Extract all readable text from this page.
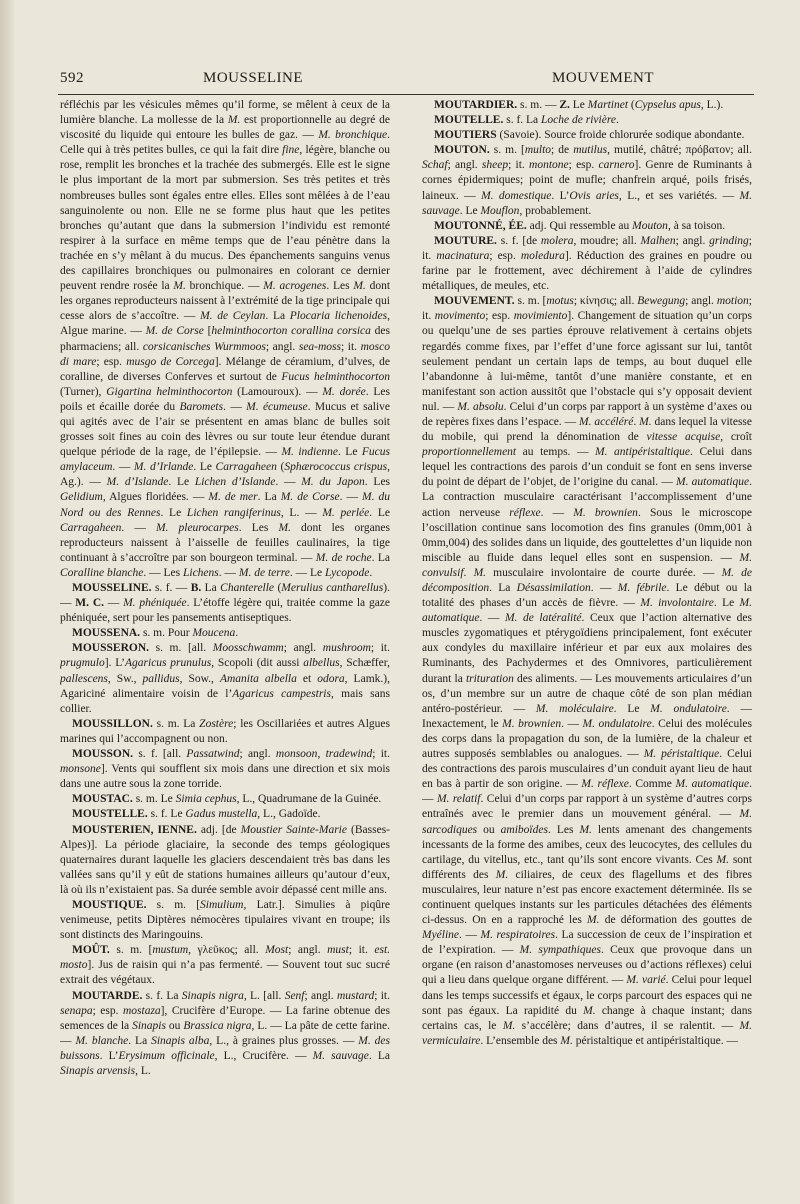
592	MOUSSELINE	MOUVEMENT

réfléchis par les vésicules mêmes qu’il forme, se mêlent à ceux de la lumière blanche. La mollesse de la M. est proportionnelle au degré de viscosité du liquide qui entoure les bulles de gaz. — M. bronchique. Celle qui à très petites bulles, ce qui la fait dire fine, légère, blanche ou rose, remplit les bronches et la trachée des submergés. Elle est le signe le plus important de la mort par submersion. Ses très petites et très nombreuses bulles sont égales entre elles. Elles sont mêlées à de l’eau sanguinolente ou non. Elle ne se forme plus haut que les petites bronches qu’autant que dans la submersion l’individu est remonté respirer à la surface en même temps que de l’eau pénètre dans la trachée en s’y mêlant à du mucus. Des épanchements sanguins venus des capillaires bronchiques ou pulmonaires en colorant ce dernier peuvent rendre rosée la M. bronchique. — M. acrogenes. Les M. dont les organes reproducteurs naissent à l’extrémité de la tige principale qui cesse alors de s’accoître. — M. de Ceylan. La Plocaria lichenoides, Algue marine. — M. de Corse [helminthocorton corallina corsica des pharmaciens; all. corsicanisches Wurmmoos; angl. sea-moss; it. mosco di mare; esp. musgo de Corcega]. Mélange de céramium, d’ulves, de coralline, de diverses Conferves et surtout de Fucus helminthocorton (Turner), Gigartina helminthocorton (Lamouroux). — M. dorée. Les poils et écaille dorée du Baromets. — M. écumeuse. Mucus et salive qui agités avec de l’air se présentent en amas blanc de bulles soit grosses soit fines au coin des lèvres ou sur toute leur étendue durant quelque période de la rage, de l’épilepsie. — M. indienne. Le Fucus amylaceum. — M. d’Irlande. Le Carragaheen (Sphærococcus crispus, Ag.). — M. d’Islande. Le Lichen d’Islande. — M. du Japon. Les Gelidium, Algues floridées. — M. de mer. La M. de Corse. — M. du Nord ou des Rennes. Le Lichen rangiferinus, L. — M. perlée. Le Carragaheen. — M. pleurocarpes. Les M. dont les organes reproducteurs naissent à l’aisselle de feuilles caulinaires, la tige continuant à s’accroître par son bourgeon terminal. — M. de roche. La Coralline blanche. — Les Lichens. — M. de terre. — Le Lycopode.

MOUSSELINE. s. f. — B. La Chanterelle (Merulius cantharellus). — M. C. — M. phéniquée. L’étoffe légère qui, traitée comme la gaze phéniquée, sert pour les pansements antiseptiques.

MOUSSENA. s. m. Pour Moucena.

MOUSSERON. s. m. [all. Moosschwamm; angl. mushroom; it. prugmulo]. L’Agaricus prunulus, Scopoli (dit aussi albellus, Schæffer, pallescens, Sw., pallidus, Sow., Amanita albella et odora, Lamk.), Agariciné alimentaire voisin de l’Agaricus campestris, mais sans collier.

MOUSSILLON. s. m. La Zostère; les Oscillariées et autres Algues marines qui l’accompagnent ou non.

MOUSSON. s. f. [all. Passatwind; angl. monsoon, tradewind; it. monsone]. Vents qui soufflent six mois dans une direction et six mois dans une autre sous la zone torride.

MOUSTAC. s. m. Le Simia cephus, L., Quadrumane de la Guinée.

MOUSTELLE. s. f. Le Gadus mustella, L., Gadoïde.

MOUSTERIEN, IENNE. adj. [de Moustier Sainte-Marie (Basses-Alpes)]. La période glaciaire, la seconde des temps géologiques quaternaires durant laquelle les glaciers descendaient très bas dans les vallées sans qu’il y eût de stations humaines ailleurs qu’autour d’eux, là où ils n’existaient pas. Sa durée semble avoir dépassé cent mille ans.

MOUSTIQUE. s. m. [Simulium, Latr.]. Simulies à piqûre venimeuse, petits Diptères némocères tipulaires vivant en troupe; ils sont distincts des Maringouins.

MOÛT. s. m. [mustum, γλεῦκος; all. Most; angl. must; it. est. mosto]. Jus de raisin qui n’a pas fermenté. — Souvent tout suc sucré extrait des végétaux.

MOUTARDE. s. f. La Sinapis nigra, L. [all. Senf; angl. mustard; it. senapa; esp. mostaza], Crucifère d’Europe. — La farine obtenue des semences de la Sinapis ou Brassica nigra, L. — La pâte de cette farine. — M. blanche. La Sinapis alba, L., à graines plus grosses. — M. des buissons. L’Erysimum officinale, L., Crucifère. — M. sauvage. La Sinapis arvensis, L.

MOUTARDIER. s. m. — Z. Le Martinet (Cypselus apus, L.).

MOUTELLE. s. f. La Loche de rivière.

MOUTIERS (Savoie). Source froide chlorurée sodique abondante.

MOUTON. s. m. [multo; de mutilus, mutilé, châtré; πρόβατον; all. Schaf; angl. sheep; it. montone; esp. carnero]. Genre de Ruminants à cornes épidermiques; point de mufle; chanfrein arqué, poils frisés, laineux. — M. domestique. L’Ovis aries, L., et ses variétés. — M. sauvage. Le Mouflon, probablement.

MOUTONNÉ, ÉE. adj. Qui ressemble au Mouton, à sa toison.

MOUTURE. s. f. [de molera, moudre; all. Malhen; angl. grinding; it. macinatura; esp. moledura]. Réduction des graines en poudre ou farine par le frottement, avec déchirement à l’aide de cylindres métalliques, de meules, etc.

MOUVEMENT. s. m. [motus; κίνησις; all. Bewegung; angl. motion; it. movimento; esp. movimiento]. Changement de situation qu’un corps ou quelqu’une de ses parties éprouve relativement à certains objets regardés comme fixes, par l’effet d’une force agissant sur lui, tantôt seulement pendant un certain laps de temps, au bout duquel elle l’abandonne à lui-même, tantôt d’une manière constante, et en manifestant son action aussitôt que l’obstacle qui s’y opposait devient nul. — M. absolu. Celui d’un corps par rapport à un système d’axes ou de repères fixes dans l’espace. — M. accéléré. M. dans lequel la vitesse du mobile, qui prend la dénomination de vitesse acquise, croît proportionnellement au temps. — M. antipéristaltique. Celui dans lequel les contractions des parois d’un conduit se font en sens inverse du point de départ de l’objet, de l’origine du canal. — M. automatique. La contraction musculaire caractérisant l’accomplissement d’une action nerveuse réflexe. — M. brownien. Sous le microscope l’oscillation continue sans locomotion des fins granules (0mm,001 à 0mm,004) des solides dans un liquide, des gouttelettes d’un liquide non miscible au fluide dans lequel elles sont en suspension. — M. convulsif. M. musculaire involontaire de courte durée. — M. de décomposition. La Désassimilation. — M. fébrile. Le début ou la totalité des phases d’un accès de fièvre. — M. involontaire. Le M. automatique. — M. de latéralité. Ceux que l’action alternative des muscles zygomatiques et ptérygoïdiens principalement, font exécuter aux condyles du maxillaire inférieur et par eux aux molaires des Ruminants, des Pachydermes et des Omnivores, particulièrement durant la trituration des aliments. — Les mouvements articulaires d’un os, d’un membre sur un autre de chaque côté de son plan médian antéro-postérieur. — M. moléculaire. Le M. ondulatoire. — Inexactement, le M. brownien. — M. ondulatoire. Celui des molécules des corps dans la propagation du son, de la lumière, de la chaleur et autres supposés semblables ou analogues. — M. péristaltique. Celui des contractions des parois musculaires d’un conduit ayant lieu de haut en bas à partir de son origine. — M. réflexe. Comme M. automatique. — M. relatif. Celui d’un corps par rapport à un système d’autres corps entraînés avec le premier dans un mouvement général. — M. sarcodiques ou amiboïdes. Les M. lents amenant des changements incessants de la forme des amibes, ceux des leucocytes, des cellules du cartilage, du vitellus, etc., tant qu’ils sont encore vivants. Ces M. sont différents des M. ciliaires, de ceux des flagellums et des fibres musculaires, leur nature n’est pas encore exactement déterminée. Ils se continuent quelques instants sur les particules détachées des éléments ci-dessus. On en a rapproché les M. de déformation des gouttes de Myéline. — M. respiratoires. La succession de ceux de l’inspiration et de l’expiration. — M. sympathiques. Ceux que provoque dans un organe (en raison d’anastomoses nerveuses ou d’actions réflexes) celui qui a lieu dans quelque organe différent. — M. varié. Celui pour lequel dans les temps successifs et égaux, le corps parcourt des espaces qui ne sont pas égaux. La rapidité du M. change à chaque instant; dans certains cas, le M. s’accélère; dans d’autres, il se ralentit. — M. vermiculaire. L’ensemble des M. péristaltique et antipéristaltique. —
